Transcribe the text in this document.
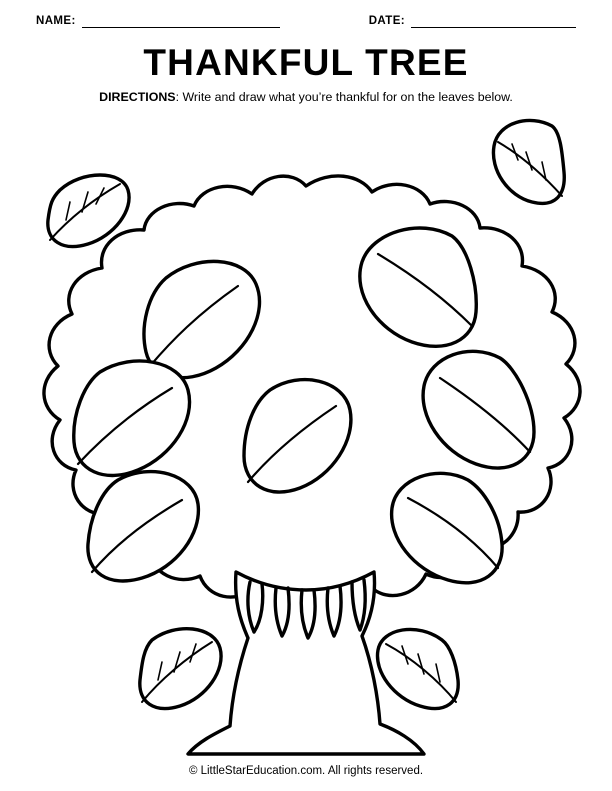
NAME:	DATE:
THANKFUL TREE
DIRECTIONS: Write and draw what you’re thankful for on the leaves below.
© LittleStarEducation.com. All rights reserved.
